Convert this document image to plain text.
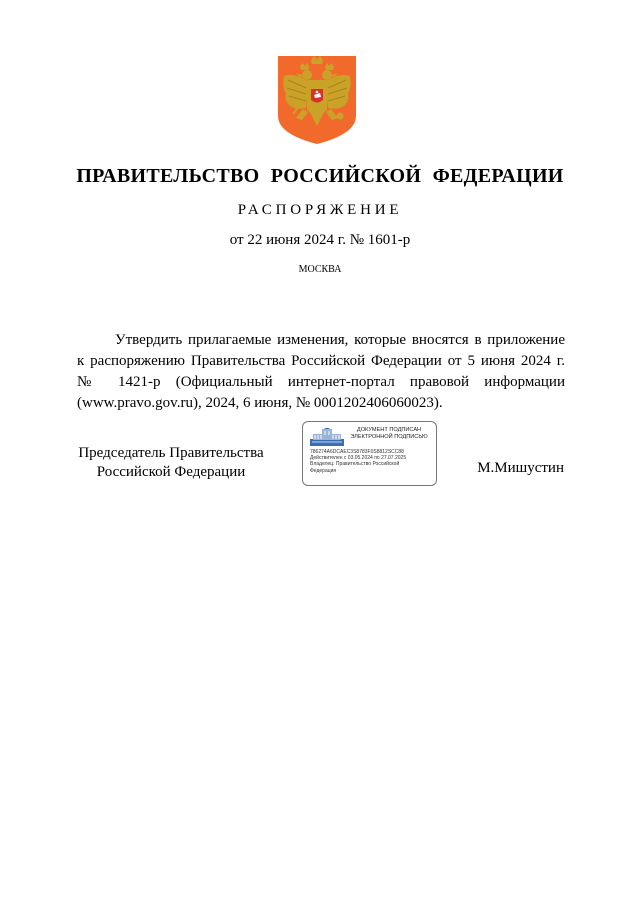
ПРАВИТЕЛЬСТВО РОССИЙСКОЙ ФЕДЕРАЦИИ
РАСПОРЯЖЕНИЕ
от 22 июня 2024 г. № 1601-р
МОСКВА
Утвердить прилагаемые изменения, которые вносятся в приложение
к распоряжению Правительства Российской Федерации от 5 июня 2024 г.
№ 1421-р (Официальный интернет-портал правовой информации
(www.pravo.gov.ru), 2024, 6 июня, № 0001202406060023).
Председатель Правительства
Российской Федерации
ДОКУМЕНТ ПОДПИСАН
ЭЛЕКТРОННОЙ ПОДПИСЬЮ
786274A6DCAEC3S8783F0S8812SCC88
Действителен с 03.05.2024 по 27.07.2025
Владелец: Правительство Российской
Федерация	М.Мишустин
